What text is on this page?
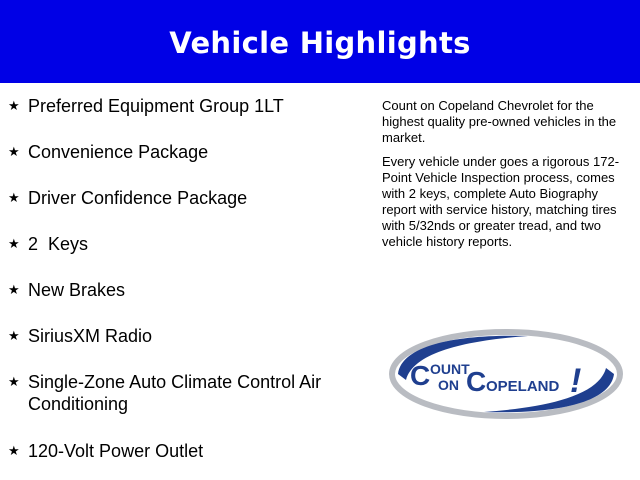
Vehicle Highlights
★ Preferred Equipment Group 1LT
★ Convenience Package
★ Driver Confidence Package
★ 2  Keys
★ New Brakes
★ SiriusXM Radio
★ Single-Zone Auto Climate Control Air Conditioning
★ 120-Volt Power Outlet

Count on Copeland Chevrolet for the highest quality pre-owned vehicles in the market.

Every vehicle under goes a rigorous 172-Point Vehicle Inspection process, comes with 2 keys, complete Auto Biography report with service history, matching tires with 5/32nds or greater tread, and two vehicle history reports.

C OUNT
ON C OPELAND !
